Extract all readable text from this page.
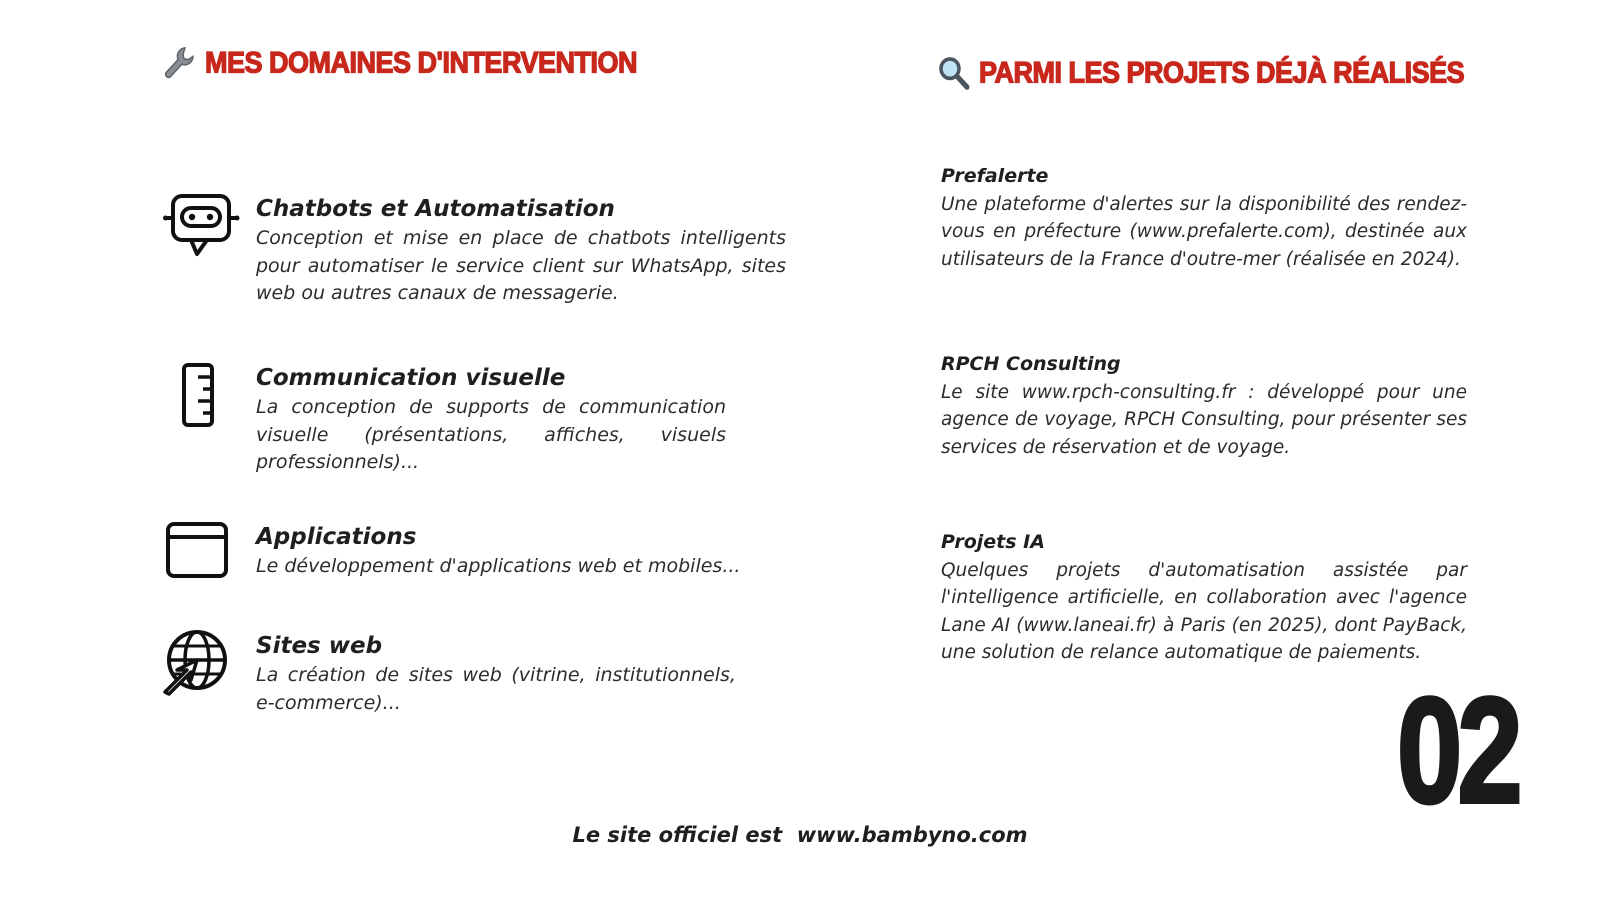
MES DOMAINES D'INTERVENTION	PARMI LES PROJETS DÉJÀ RÉALISÉS
Chatbots et Automatisation

Conception et mise en place de chatbots intelligents pour automatiser le service client sur WhatsApp, sites web ou autres canaux de messagerie.

Communication visuelle

La conception de supports de communication visuelle (présentations, affiches, visuels professionnels)...

Applications

Le développement d'applications web et mobiles...

Sites web

La création de sites web (vitrine, institutionnels, e-commerce)...

Prefalerte

Une plateforme d'alertes sur la disponibilité des rendez-vous en préfecture (www.prefalerte.com), destinée aux utilisateurs de la France d'outre-mer (réalisée en 2024).

RPCH Consulting

Le site www.rpch-consulting.fr : développé pour une agence de voyage, RPCH Consulting, pour présenter ses services de réservation et de voyage.

Projets IA

Quelques projets d'automatisation assistée par l'intelligence artificielle, en collaboration avec l'agence Lane AI (www.laneai.fr) à Paris (en 2025), dont PayBack, une solution de relance automatique de paiements.

02
Le site officiel est  www.bambyno.com
